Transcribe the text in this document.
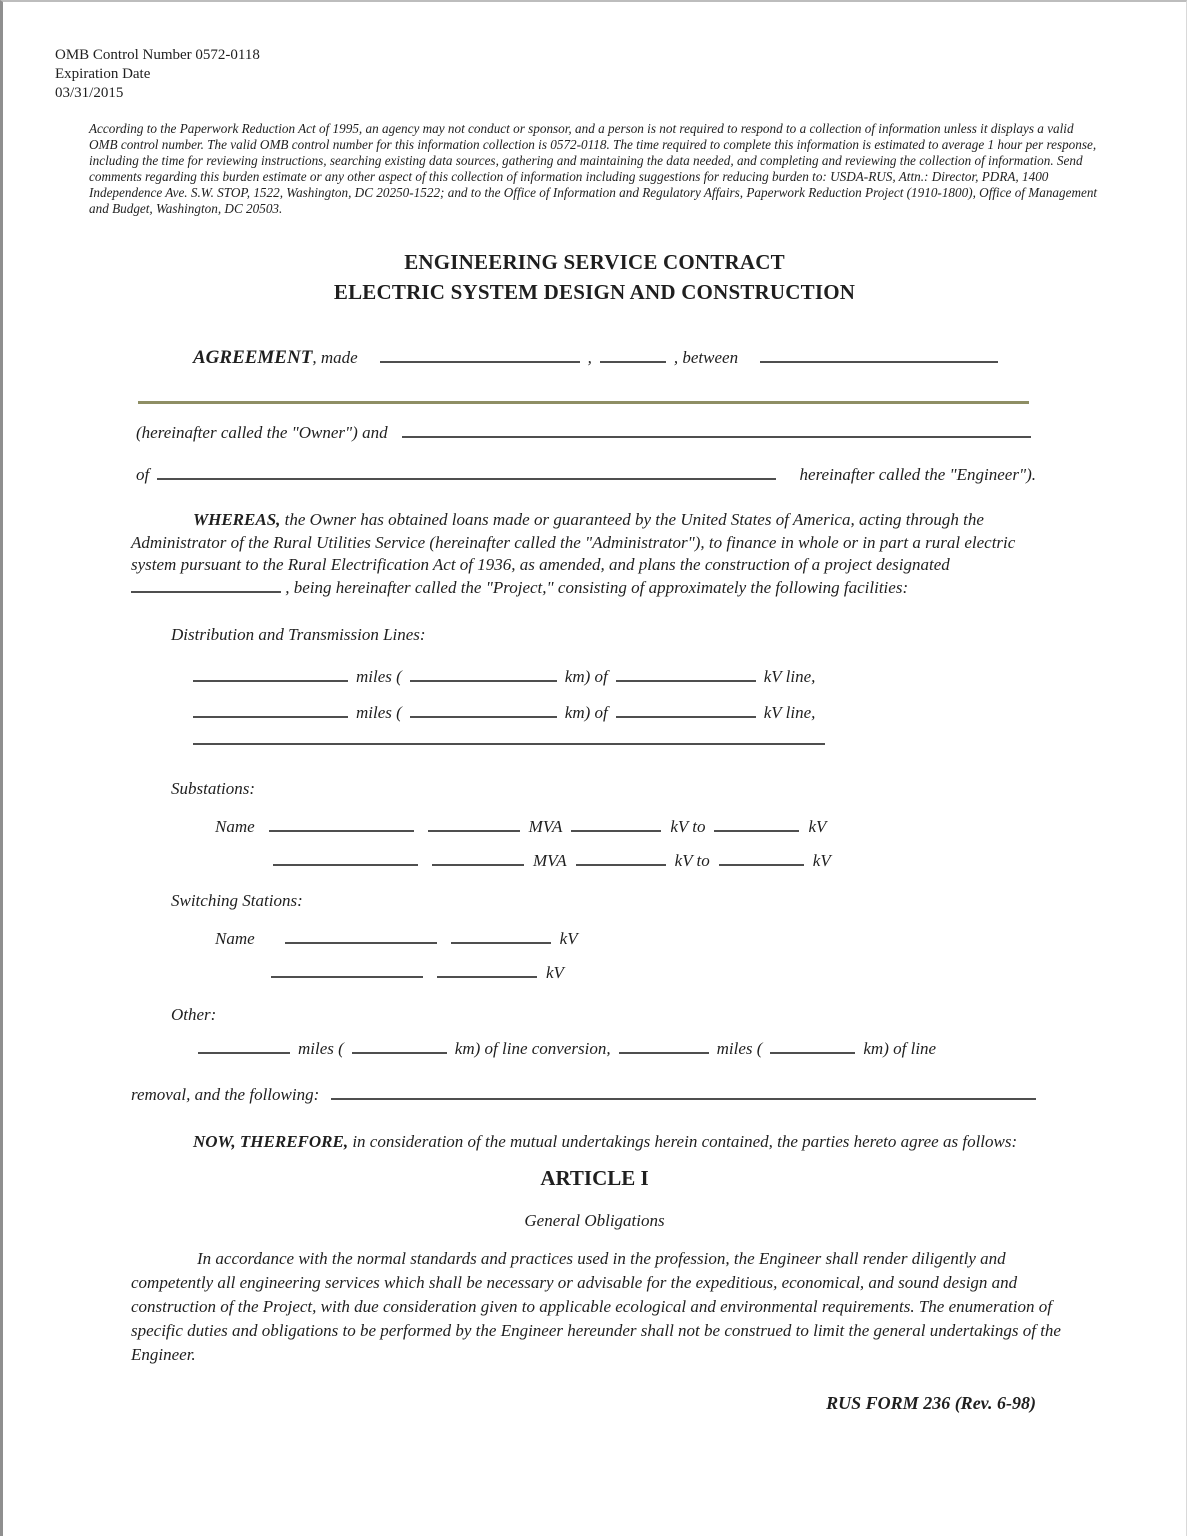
OMB Control Number 0572-0118
Expiration Date
03/31/2015

According to the Paperwork Reduction Act of 1995, an agency may not conduct or sponsor, and a person is not required to respond to a collection of information unless it displays a valid OMB control number. The valid OMB control number for this information collection is 0572-0118. The time required to complete this information is estimated to average 1 hour per response, including the time for reviewing instructions, searching existing data sources, gathering and maintaining the data needed, and completing and reviewing the collection of information. Send comments regarding this burden estimate or any other aspect of this collection of information including suggestions for reducing burden to: USDA-RUS, Attn.: Director, PDRA, 1400 Independence Ave. S.W. STOP, 1522, Washington, DC 20250-1522; and to the Office of Information and Regulatory Affairs, Paperwork Reduction Project (1910-1800), Office of Management and Budget, Washington, DC 20503.

ENGINEERING SERVICE CONTRACT
ELECTRIC SYSTEM DESIGN AND CONSTRUCTION
AGREEMENT , made	,	, between
(hereinafter called the "Owner") and
of	hereinafter called the "Engineer").

WHEREAS, the Owner has obtained loans made or guaranteed by the United States of America, acting through the Administrator of the Rural Utilities Service (hereinafter called the "Administrator"), to finance in whole or in part a rural electric system pursuant to the Rural Electrification Act of 1936, as amended, and plans the construction of a project designated  , being hereinafter called the "Project," consisting of approximately the following facilities:

Distribution and Transmission Lines:
miles (	km) of	kV line,
miles (	km) of	kV line,
Substations:
Name	MVA	kV to	kV
MVA	kV to	kV
Switching Stations:
Name	kV
kV
Other:
miles (	km) of line conversion,	miles (	km) of line
removal, and the following:

NOW, THEREFORE, in consideration of the mutual undertakings herein contained, the parties hereto agree as follows:

ARTICLE I
General Obligations

In accordance with the normal standards and practices used in the profession, the Engineer shall render diligently and competently all engineering services which shall be necessary or advisable for the expeditious, economical, and sound design and construction of the Project, with due consideration given to applicable ecological and environmental requirements. The enumeration of specific duties and obligations to be performed by the Engineer hereunder shall not be construed to limit the general undertakings of the Engineer.

RUS FORM 236 (Rev. 6-98)
